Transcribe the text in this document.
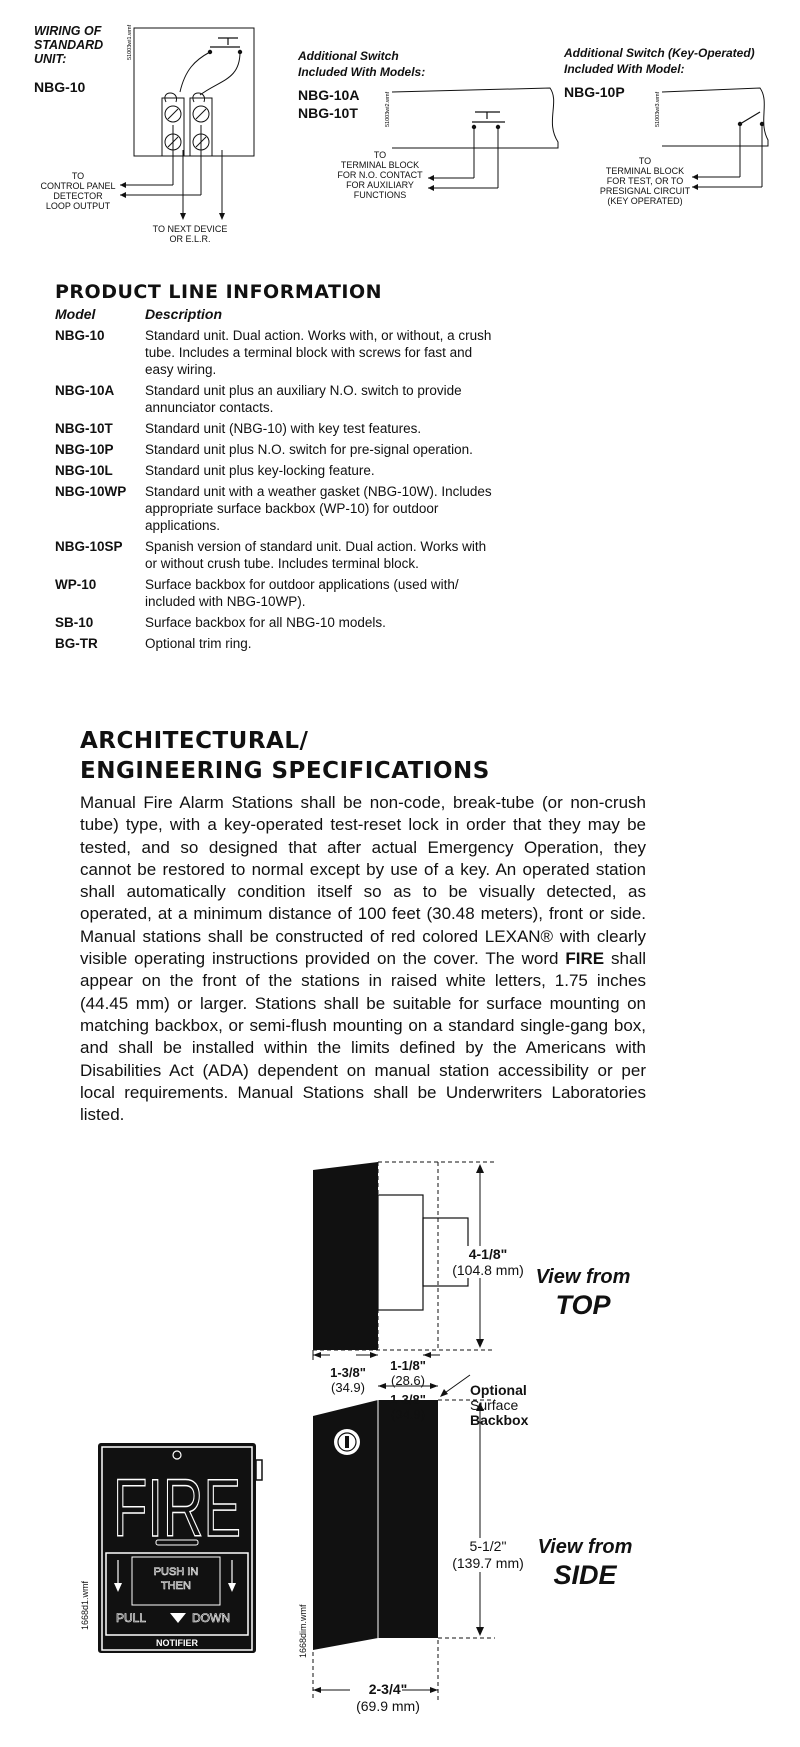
WIRING OF
STANDARD
UNIT:
NBG-10
51003wi1.wmf
TO
CONTROL PANEL
DETECTOR
LOOP OUTPUT
TO NEXT DEVICE
OR E.L.R.
Additional Switch
Included With Models:
NBG-10A
NBG-10T	51003wi2.wmf
TO
TERMINAL BLOCK
FOR N.O. CONTACT
FOR AUXILIARY
FUNCTIONS
Additional Switch (Key-Operated)
Included With Model:
NBG-10P	51003wi3.wmf
TO
TERMINAL BLOCK
FOR TEST, OR TO
PRESIGNAL CIRCUIT
(KEY OPERATED)
PRODUCT LINE INFORMATION
Model	Description
NBG-10	Standard unit. Dual action. Works with, or without, a crush tube. Includes a terminal block with screws for fast and easy wiring.
NBG-10A	Standard unit plus an auxiliary N.O. switch to provide annunciator contacts.
NBG-10T	Standard unit (NBG-10) with key test features.
NBG-10P	Standard unit plus N.O. switch for pre-signal operation.
NBG-10L	Standard unit plus key-locking feature.
NBG-10WP	Standard unit with a weather gasket (NBG-10W). Includes appropriate surface backbox (WP-10) for outdoor applications.
NBG-10SP	Spanish version of standard unit. Dual action. Works with or without crush tube. Includes terminal block.
WP-10	Surface backbox for outdoor applications (used with/ included with NBG-10WP).
SB-10	Surface backbox for all NBG-10 models.
BG-TR	Optional trim ring.
ARCHITECTURAL/
ENGINEERING SPECIFICATIONS
Manual Fire Alarm Stations shall be non-code, break-tube (or non-crush tube) type, with a key-operated test-reset lock in order that they may be tested, and so designed that after actual Emergency Operation, they cannot be restored to normal except by use of a key. An operated station shall automatically condition itself so as to be visually detected, as operated, at a minimum distance of 100 feet (30.48 meters), front or side. Manual stations shall be constructed of red colored LEXAN® with clearly visible operating instructions provided on the cover. The word FIRE shall appear on the front of the stations in raised white letters, 1.75 inches (44.45 mm) or larger. Stations shall be suitable for surface mounting on matching backbox, or semi-flush mounting on a standard single-gang box, and shall be installed within the limits defined by the Americans with Disabilities Act (ADA) dependent on manual station accessibility or per local requirements. Manual Stations shall be Underwriters Laboratories listed.
1668d1.wmf
FIRE
PUSH IN
THEN
PULL	DOWN
NOTIFIER	1668dim.wmf
4-1/8"
(104.8 mm) View from
TOP
1-3/8"
(34.9)
1-1/8"
(28.6)
1-3/8"
(34.9)
Optional
Surface
Backbox
5-1/2"
(139.7 mm)
View from
SIDE
2-3/4"
(69.9 mm)
